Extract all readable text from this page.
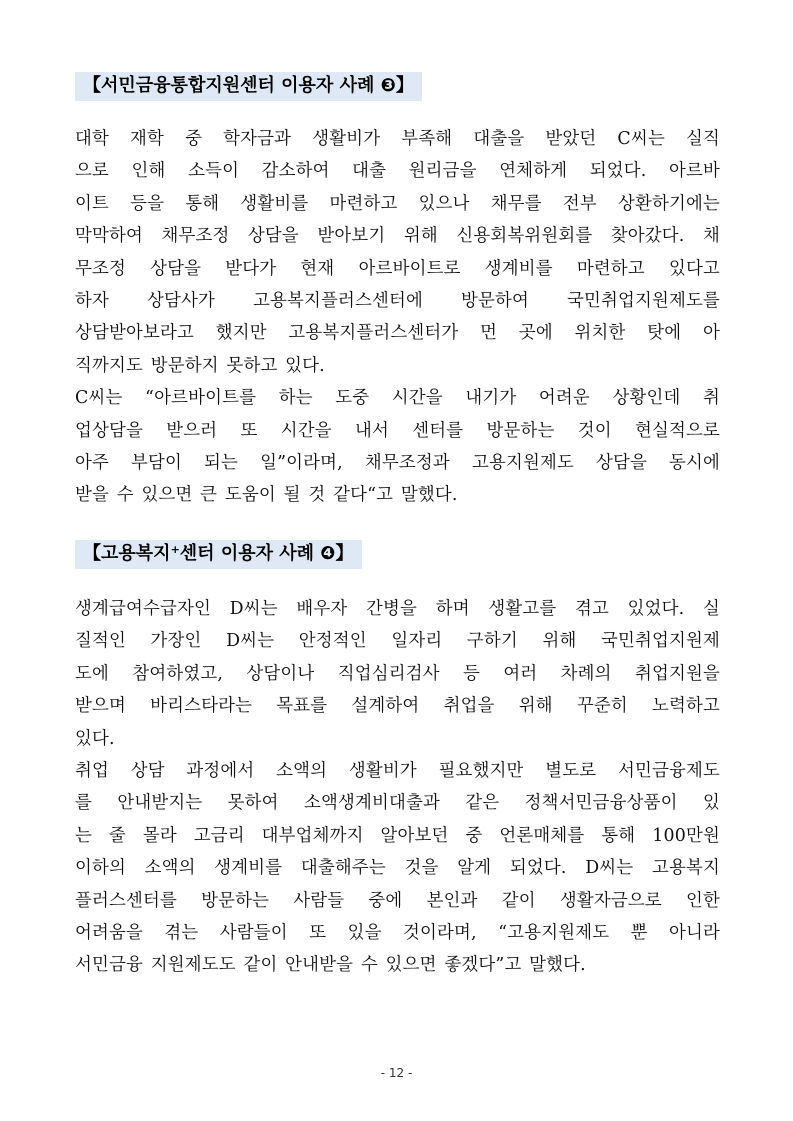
【서민금융통합지원센터 이용자 사례 ❸】

대학 재학 중 학자금과 생활비가 부족해 대출을 받았던 C씨는 실직
으로 인해 소득이 감소하여 대출 원리금을 연체하게 되었다. 아르바
이트 등을 통해 생활비를 마련하고 있으나 채무를 전부 상환하기에는
막막하여 채무조정 상담을 받아보기 위해 신용회복위원회를 찾아갔다. 채
무조정 상담을 받다가 현재 아르바이트로 생계비를 마련하고 있다고
하자 상담사가 고용복지플러스센터에 방문하여 국민취업지원제도를
상담받아보라고 했지만 고용복지플러스센터가 먼 곳에 위치한 탓에 아
직까지도 방문하지 못하고 있다.

C씨는 “아르바이트를 하는 도중 시간을 내기가 어려운 상황인데 취
업상담을 받으러 또 시간을 내서 센터를 방문하는 것이 현실적으로
아주 부담이 되는 일”이라며, 채무조정과 고용지원제도 상담을 동시에
받을 수 있으면 큰 도움이 될 것 같다“고 말했다.

【고용복지+센터 이용자 사례 ❹】

생계급여수급자인 D씨는 배우자 간병을 하며 생활고를 겪고 있었다. 실
질적인 가장인 D씨는 안정적인 일자리 구하기 위해 국민취업지원제
도에 참여하였고, 상담이나 직업심리검사 등 여러 차례의 취업지원을
받으며 바리스타라는 목표를 설계하여 취업을 위해 꾸준히 노력하고
있다.

취업 상담 과정에서 소액의 생활비가 필요했지만 별도로 서민금융제도
를 안내받지는 못하여 소액생계비대출과 같은 정책서민금융상품이 있
는 줄 몰라 고금리 대부업체까지 알아보던 중 언론매체를 통해 100만원
이하의 소액의 생계비를 대출해주는 것을 알게 되었다. D씨는 고용복지
플러스센터를 방문하는 사람들 중에 본인과 같이 생활자금으로 인한
어려움을 겪는 사람들이 또 있을 것이라며, “고용지원제도 뿐 아니라
서민금융 지원제도도 같이 안내받을 수 있으면 좋겠다”고 말했다.

- 12 -
